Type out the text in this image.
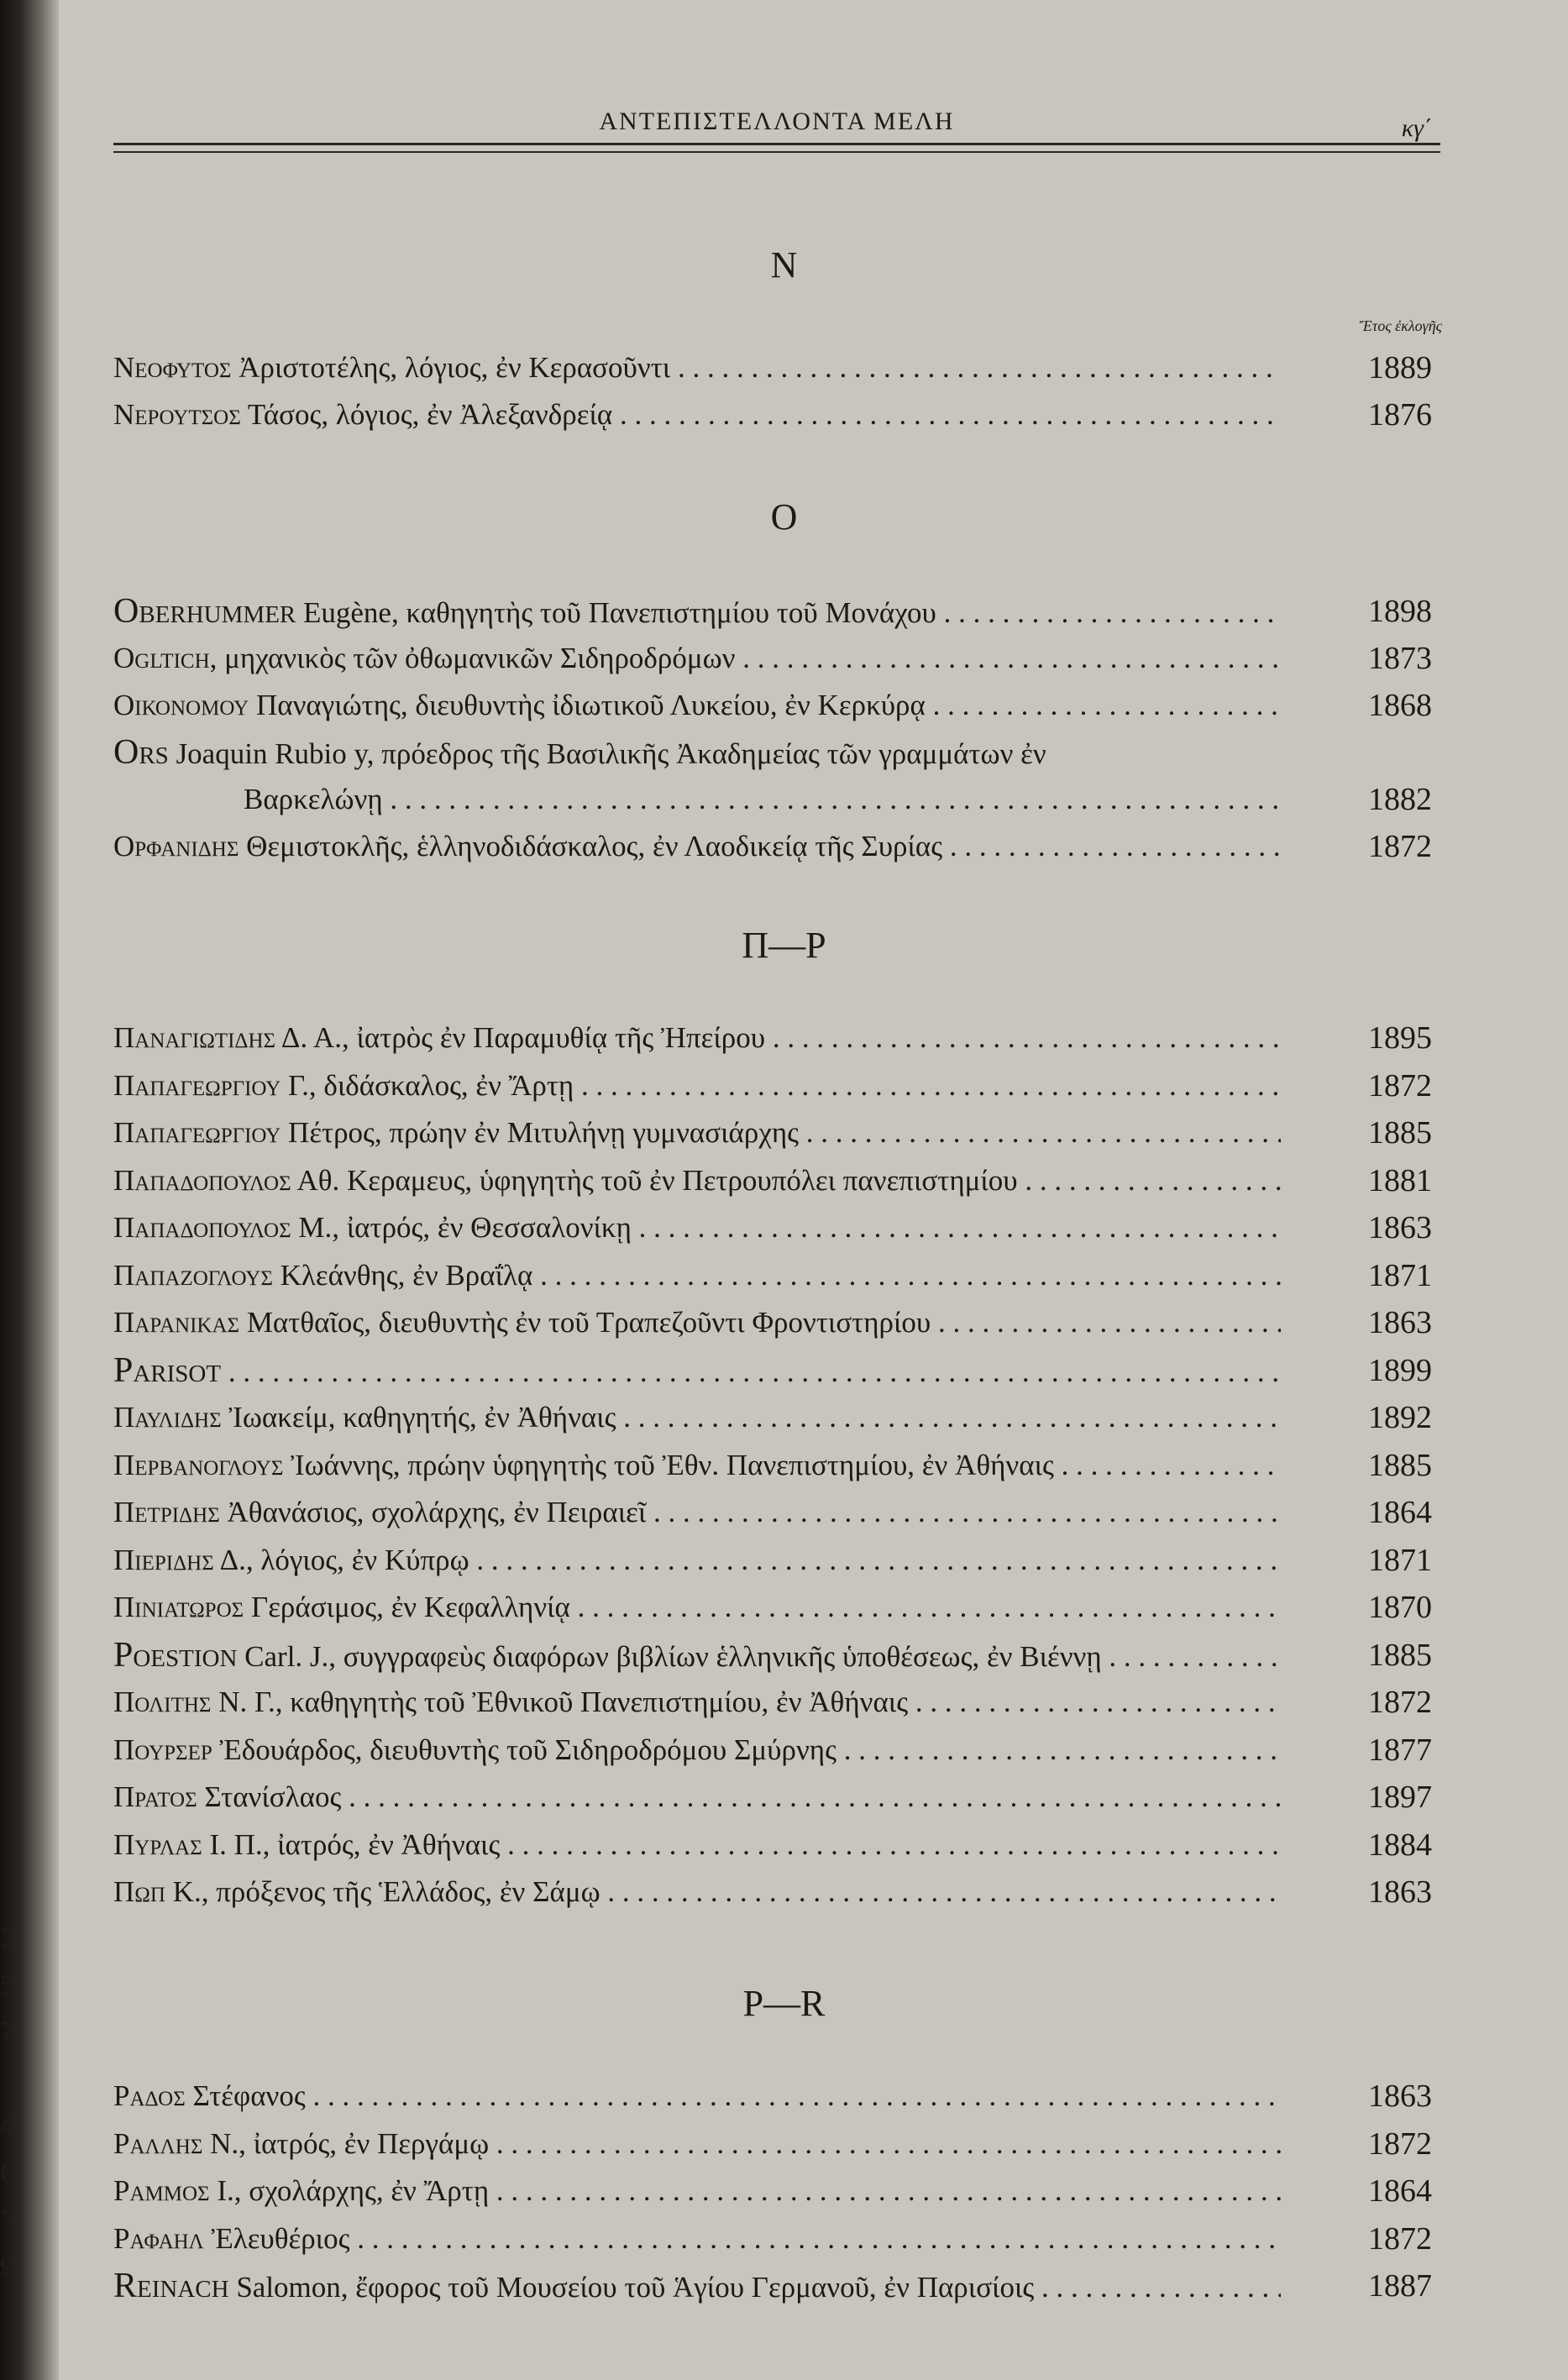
ΑΝΤΕΠΙΣΤΕΛΛΟΝΤΑ ΜΕΛΗ	κγ΄
N
Ἔτος ἐκλογῆς
Νεοφυτος Ἀριστοτέλης, λόγιος, ἐν Κερασοῦντι . . .	1889
Νερουτσος Τάσος, λόγιος, ἐν Ἀλεξανδρείᾳ . . .	1876
O
Oberhummer Eugène, καθηγητὴς τοῦ Πανεπιστημίου τοῦ Μονάχου . . .	1898
Ogltich, μηχανικὸς τῶν ὀθωμανικῶν Σιδηροδρόμων . . .	1873
Οικονομου Παναγιώτης, διευθυντὴς ἰδιωτικοῦ Λυκείου, ἐν Κερκύρᾳ . . .	1868
Ors Joaquin Rubio y, πρόεδρος τῆς Βασιλικῆς Ἀκαδημείας τῶν γραμμάτων ἐν
Βαρκελώνῃ . . .	1882
Ορφανιδης Θεμιστοκλῆς, ἑλληνοδιδάσκαλος, ἐν Λαοδικείᾳ τῆς Συρίας . . .	1872
Π—Ρ
Παναγιωτιδης Δ. Α., ἰατρὸς ἐν Παραμυθίᾳ τῆς Ἠπείρου . . .	1895
Παπαγεωργιου Γ., διδάσκαλος, ἐν Ἄρτῃ . . .	1872
Παπαγεωργιου Πέτρος, πρώην ἐν Μιτυλήνῃ γυμνασιάρχης . . .	1885
Παπαδοπουλος Αθ. Κεραμευς, ὑφηγητὴς τοῦ ἐν Πετρουπόλει πανεπιστημίου . . .	1881
Παπαδοπουλος Μ., ἰατρός, ἐν Θεσσαλονίκῃ . . .	1863
Παπαζογλους Κλεάνθης, ἐν Βραΐλᾳ . . .	1871
Παρανικας Ματθαῖος, διευθυντὴς ἐν τοῦ Τραπεζοῦντι Φροντιστηρίου . . .	1863
Parisot . . .	1899
Παυλιδης Ἰωακείμ, καθηγητής, ἐν Ἀθήναις . . .	1892
Περβανογλους Ἰωάννης, πρώην ὑφηγητὴς τοῦ Ἐθν. Πανεπιστημίου, ἐν Ἀθήναις . . .	1885
Πετριδης Ἀθανάσιος, σχολάρχης, ἐν Πειραιεῖ . . .	1864
Πιεριδης Δ., λόγιος, ἐν Κύπρῳ . . .	1871
Πινιατωρος Γεράσιμος, ἐν Κεφαλληνίᾳ . . .	1870
Poestion Carl. J., συγγραφεὺς διαφόρων βιβλίων ἑλληνικῆς ὑποθέσεως, ἐν Βιέννῃ . . .	1885
Πολιτης Ν. Γ., καθηγητὴς τοῦ Ἐθνικοῦ Πανεπιστημίου, ἐν Ἀθήναις . . .	1872
Πουρσερ Ἐδουάρδος, διευθυντὴς τοῦ Σιδηροδρόμου Σμύρνης . . .	1877
Πρατος Στανίσλαος . . .	1897
Πυρλας Ι. Π., ἰατρός, ἐν Ἀθήναις . . .	1884
Πωπ Κ., πρόξενος τῆς Ἑλλάδος, ἐν Σάμῳ . . .	1863
P—R
Ραδος Στέφανος . . .	1863
Ραλλης Ν., ἰατρός, ἐν Περγάμῳ . . .	1872
Ραμμος Ι., σχολάρχης, ἐν Ἄρτῃ . . .	1864
Ραφαηλ Ἐλευθέριος . . .	1872
Reinach Salomon, ἔφορος τοῦ Μουσείου τοῦ Ἁγίου Γερμανοῦ, ἐν Παρισίοις . . .	1887
2
5
7

4
6
7
9
